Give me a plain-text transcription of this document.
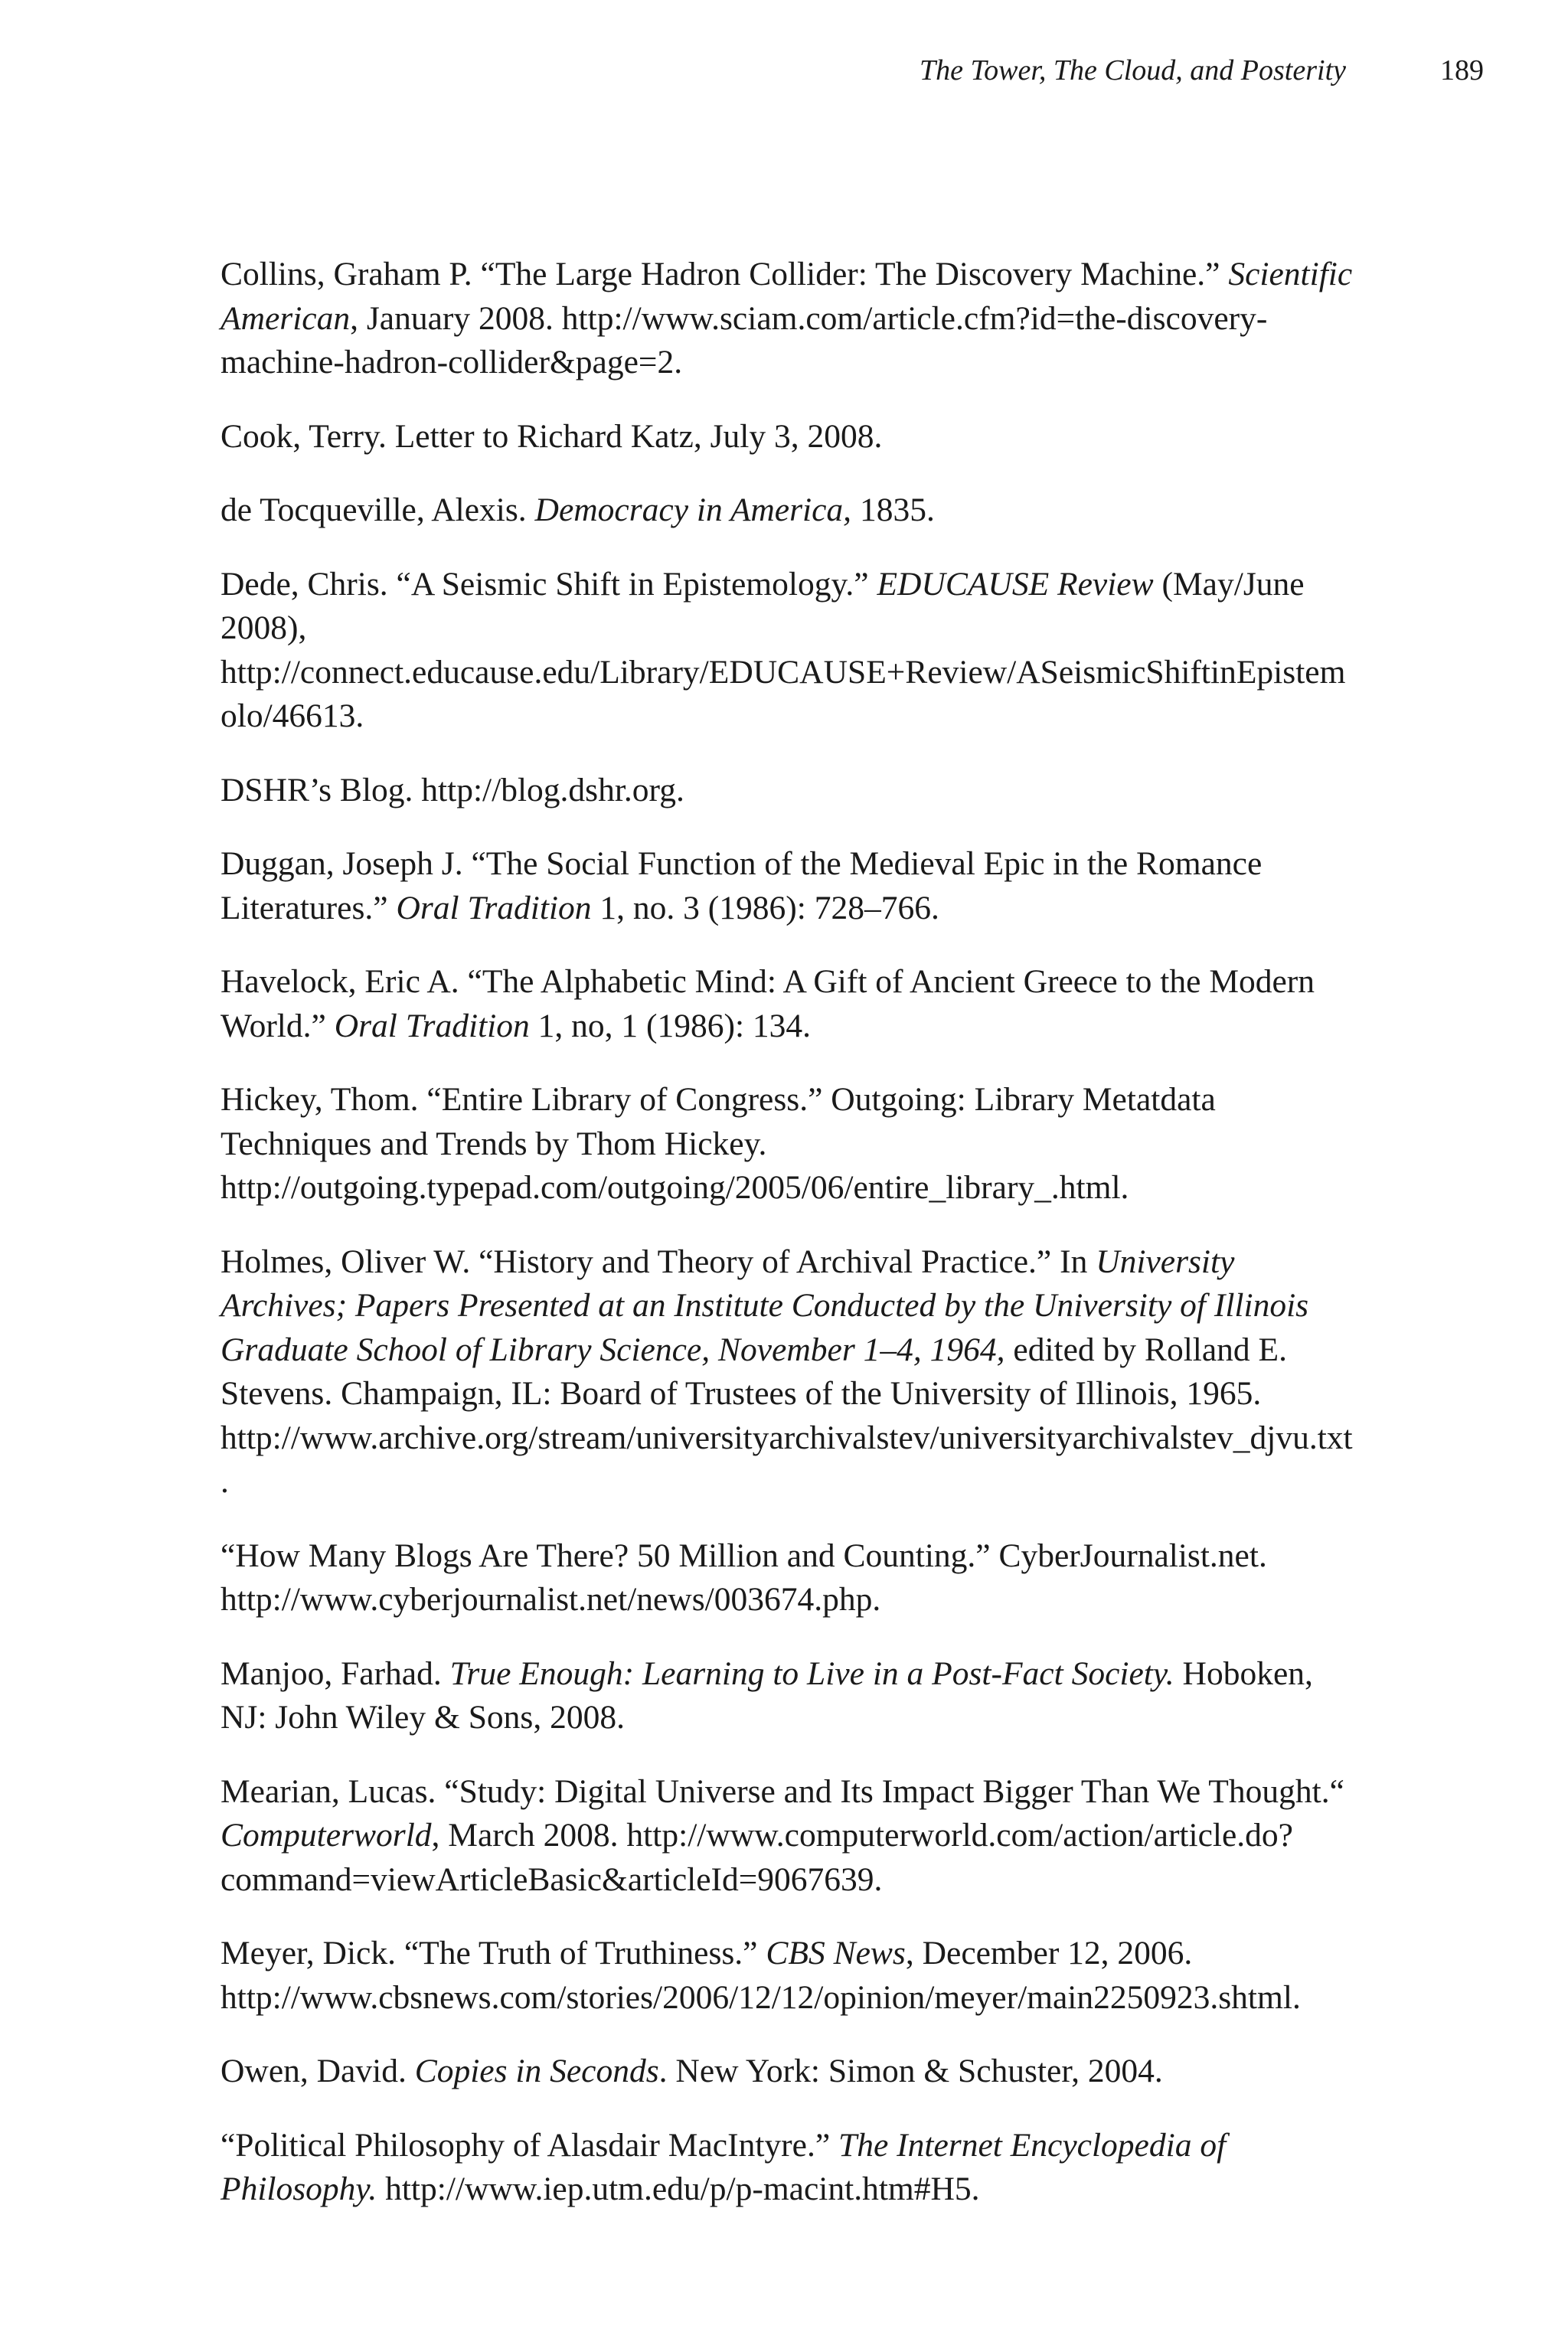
The Tower, The Cloud, and Posterity	189

Collins, Graham P. “The Large Hadron Collider: The Discovery Machine.” Scientific American, January 2008. http://www.sciam.com/article.cfm?id=the-discovery-machine-hadron-collider&page=2.

Cook, Terry. Letter to Richard Katz, July 3, 2008.

de Tocqueville, Alexis. Democracy in America, 1835.

Dede, Chris. “A Seismic Shift in Epistemology.” EDUCAUSE Review (May/June 2008), http://connect.educause.edu/Library/EDUCAUSE+Review/ASeismicShiftinEpistemolo/46613.

DSHR’s Blog. http://blog.dshr.org.

Duggan, Joseph J. “The Social Function of the Medieval Epic in the Romance Literatures.” Oral Tradition 1, no. 3 (1986): 728–766.

Havelock, Eric A. “The Alphabetic Mind: A Gift of Ancient Greece to the Modern World.” Oral Tradition 1, no, 1 (1986): 134.

Hickey, Thom. “Entire Library of Congress.” Outgoing: Library Metatdata Techniques and Trends by Thom Hickey. http://outgoing.typepad.com/outgoing/2005/06/entire_library_.html.

Holmes, Oliver W. “History and Theory of Archival Practice.” In University Archives; Papers Presented at an Institute Conducted by the University of Illinois Graduate School of Library Science, November 1–4, 1964, edited by Rolland E. Stevens. Champaign, IL: Board of Trustees of the University of Illinois, 1965. http://www.archive.org/stream/universityarchivalstev/universityarchivalstev_djvu.txt.

“How Many Blogs Are There? 50 Million and Counting.” CyberJournalist.net. http://www.cyberjournalist.net/news/003674.php.

Manjoo, Farhad. True Enough: Learning to Live in a Post-Fact Society. Hoboken, NJ: John Wiley & Sons, 2008.

Mearian, Lucas. “Study: Digital Universe and Its Impact Bigger Than We Thought.“ Computerworld, March 2008. http://www.computerworld.com/action/article.do?command=viewArticleBasic&articleId=9067639.

Meyer, Dick. “The Truth of Truthiness.” CBS News, December 12, 2006. http://www.cbsnews.com/stories/2006/12/12/opinion/meyer/main2250923.shtml.

Owen, David. Copies in Seconds. New York: Simon & Schuster, 2004.

“Political Philosophy of Alasdair MacIntyre.” The Internet Encyclopedia of Philosophy. http://www.iep.utm.edu/p/p-macint.htm#H5.
